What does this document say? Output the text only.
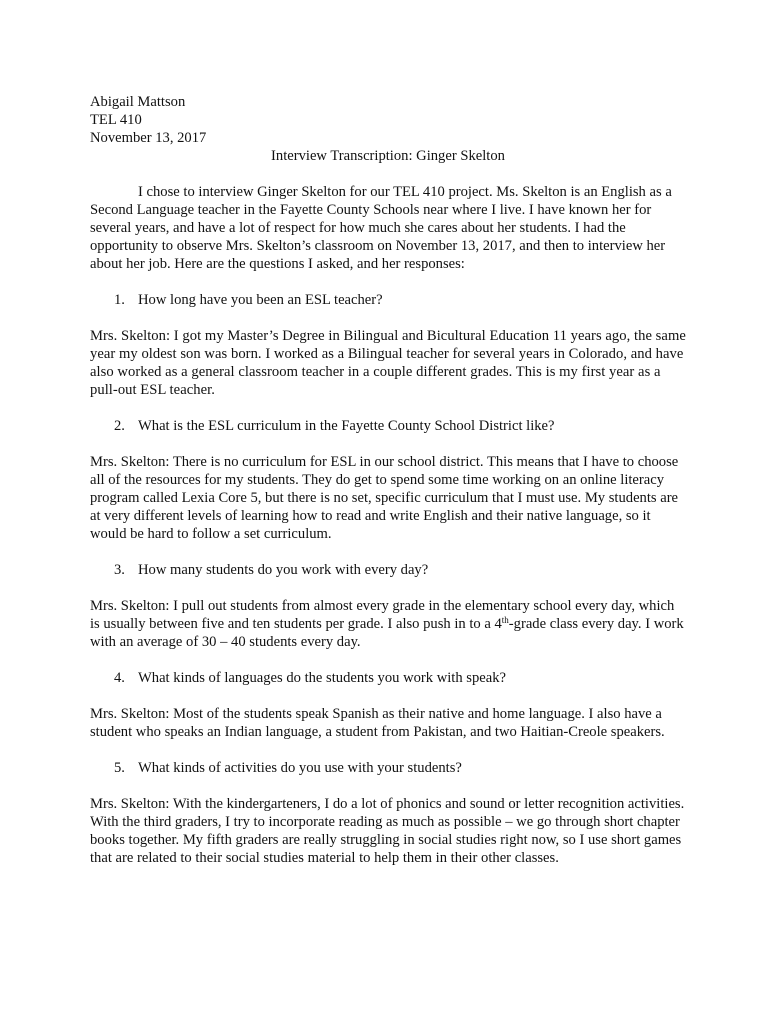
Abigail Mattson

TEL 410

November 13, 2017

Interview Transcription: Ginger Skelton

I chose to interview Ginger Skelton for our TEL 410 project. Ms. Skelton is an English as a Second Language teacher in the Fayette County Schools near where I live. I have known her for several years, and have a lot of respect for how much she cares about her students. I had the opportunity to observe Mrs. Skelton’s classroom on November 13, 2017, and then to interview her about her job. Here are the questions I asked, and her responses:

1. How long have you been an ESL teacher?

Mrs. Skelton: I got my Master’s Degree in Bilingual and Bicultural Education 11 years ago, the same year my oldest son was born. I worked as a Bilingual teacher for several years in Colorado, and have also worked as a general classroom teacher in a couple different grades. This is my first year as a pull-out ESL teacher.

2. What is the ESL curriculum in the Fayette County School District like?

Mrs. Skelton: There is no curriculum for ESL in our school district. This means that I have to choose all of the resources for my students. They do get to spend some time working on an online literacy program called Lexia Core 5, but there is no set, specific curriculum that I must use. My students are at very different levels of learning how to read and write English and their native language, so it would be hard to follow a set curriculum.

3. How many students do you work with every day?

Mrs. Skelton: I pull out students from almost every grade in the elementary school every day, which is usually between five and ten students per grade. I also push in to a 4th-grade class every day. I work with an average of 30 – 40 students every day.

4. What kinds of languages do the students you work with speak?

Mrs. Skelton: Most of the students speak Spanish as their native and home language. I also have a student who speaks an Indian language, a student from Pakistan, and two Haitian-Creole speakers.

5. What kinds of activities do you use with your students?

Mrs. Skelton: With the kindergarteners, I do a lot of phonics and sound or letter recognition activities. With the third graders, I try to incorporate reading as much as possible – we go through short chapter books together. My fifth graders are really struggling in social studies right now, so I use short games that are related to their social studies material to help them in their other classes.
